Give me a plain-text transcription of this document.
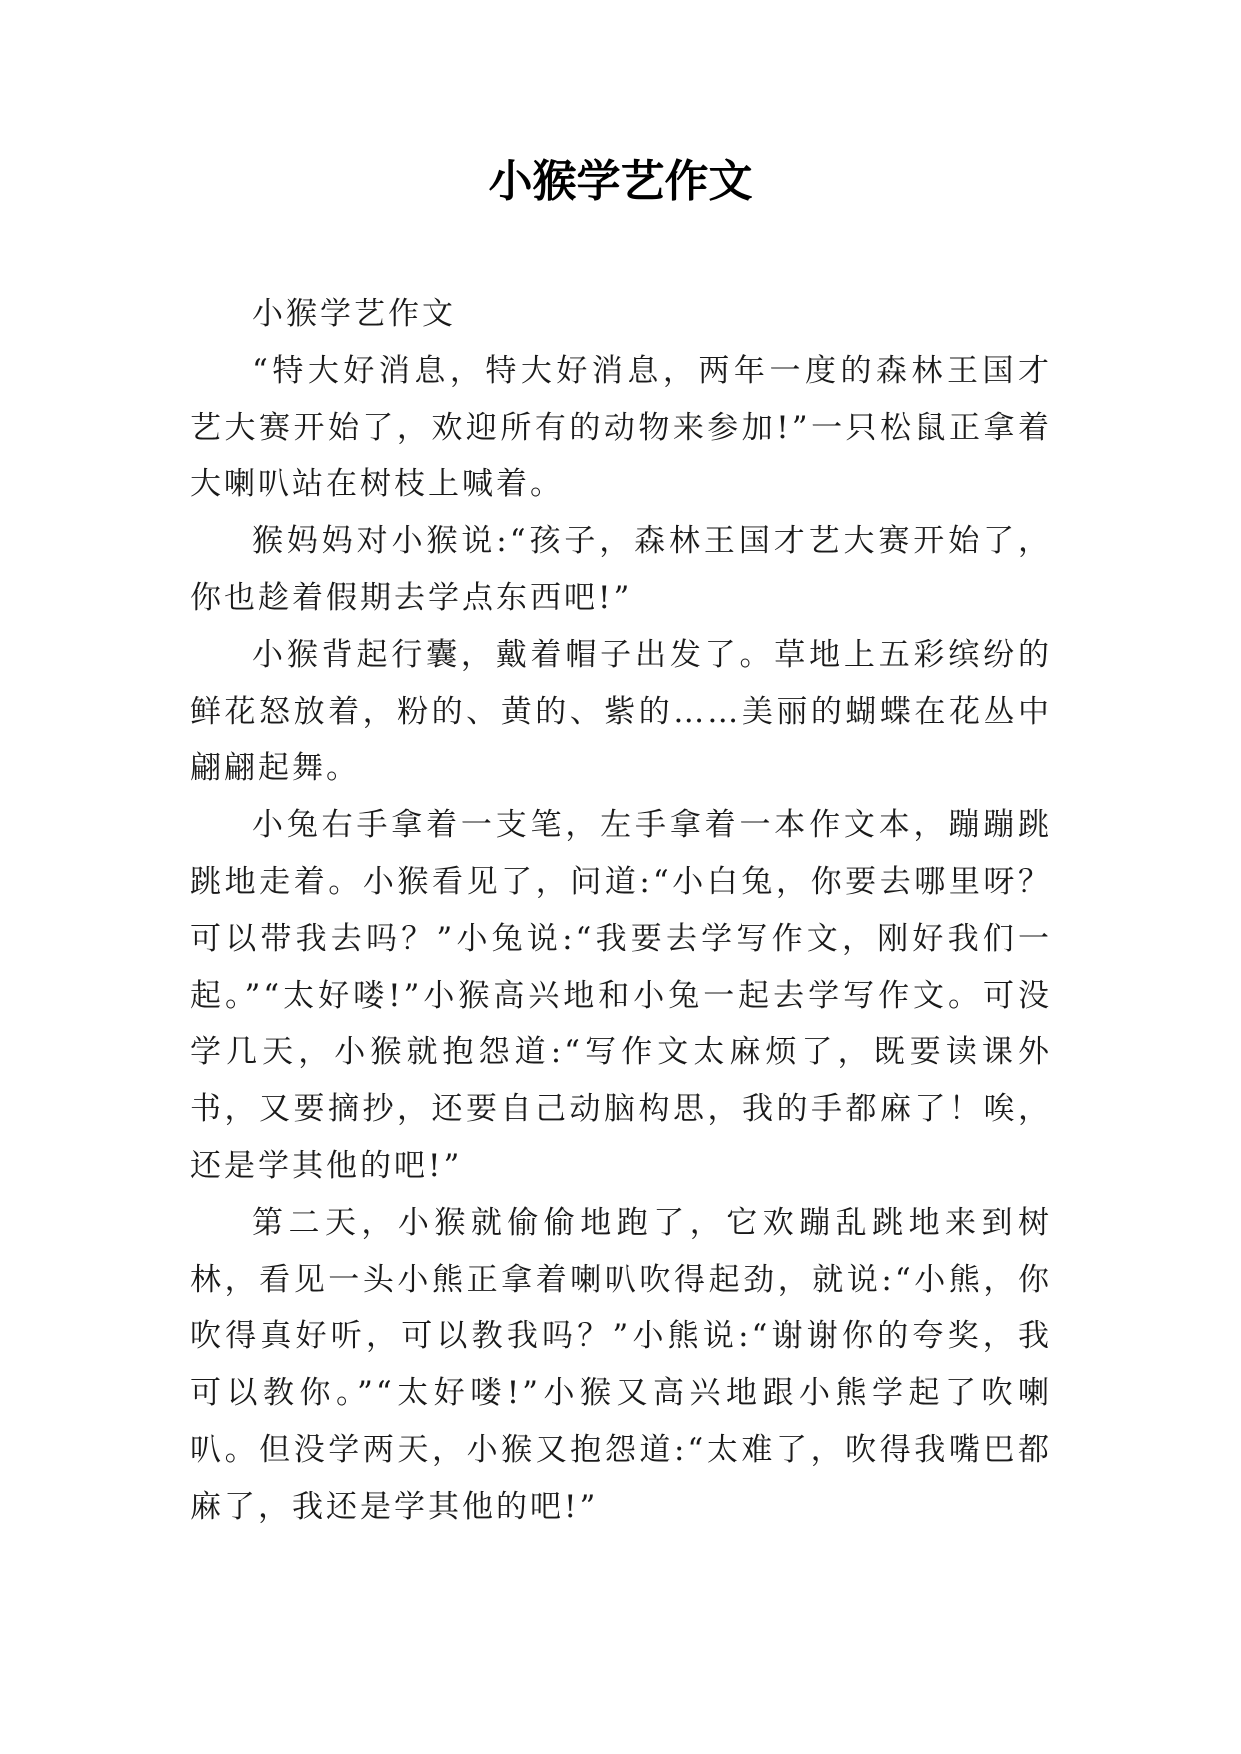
小猴学艺作文

小猴学艺作文

“特大好消息，特大好消息，两年一度的森林王国才艺大赛开始了，欢迎所有的动物来参加!”一只松鼠正拿着大喇叭站在树枝上喊着。

猴妈妈对小猴说:“孩子，森林王国才艺大赛开始了，你也趁着假期去学点东西吧!”

小猴背起行囊，戴着帽子出发了。草地上五彩缤纷的鲜花怒放着，粉的、黄的、紫的……美丽的蝴蝶在花丛中翩翩起舞。

小兔右手拿着一支笔，左手拿着一本作文本，蹦蹦跳跳地走着。小猴看见了，问道:“小白兔，你要去哪里呀？可以带我去吗？”小兔说:“我要去学写作文，刚好我们一起。”“太好喽!”小猴高兴地和小兔一起去学写作文。可没学几天，小猴就抱怨道:“写作文太麻烦了，既要读课外书，又要摘抄，还要自己动脑构思，我的手都麻了！唉，还是学其他的吧!”

第二天，小猴就偷偷地跑了，它欢蹦乱跳地来到树林，看见一头小熊正拿着喇叭吹得起劲，就说:“小熊，你吹得真好听，可以教我吗？”小熊说:“谢谢你的夸奖，我可以教你。”“太好喽!”小猴又高兴地跟小熊学起了吹喇叭。但没学两天，小猴又抱怨道:“太难了，吹得我嘴巴都麻了，我还是学其他的吧!”
